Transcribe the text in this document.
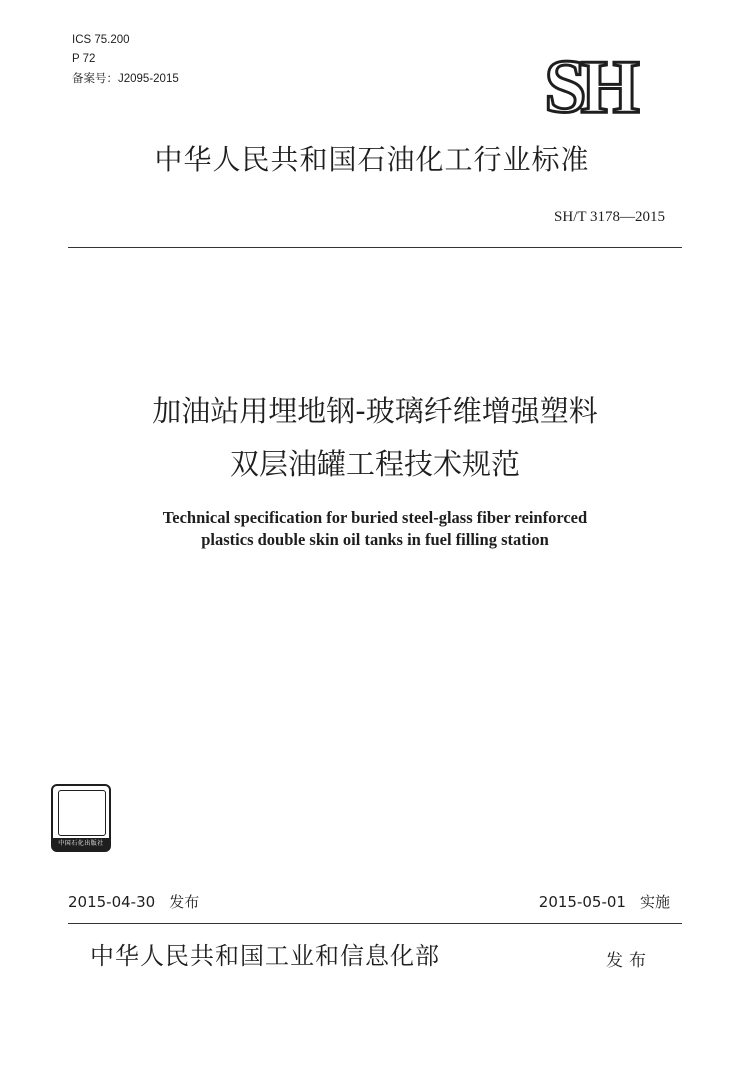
ICS 75.200
P 72
备案号：J2095-2015	SH
中华人民共和国石油化工行业标准
SH/T 3178—2015
加油站用埋地钢-玻璃纤维增强塑料
双层油罐工程技术规范
Technical specification for buried steel-glass fiber reinforced
plastics double skin oil tanks in fuel filling station
中国石化出版社
2015-04-30 发布	2015-05-01 实施
中华人民共和国工业和信息化部	发布
